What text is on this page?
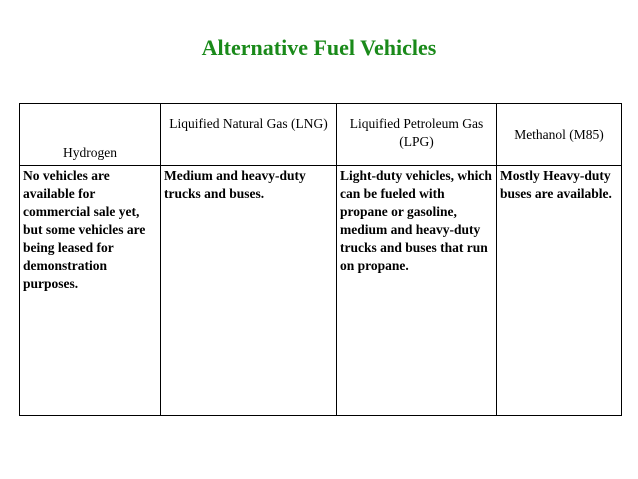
Alternative Fuel Vehicles
Hydrogen	Liquified Natural Gas (LNG)	Liquified Petroleum Gas (LPG)	Methanol (M85)
No vehicles are available for commercial sale yet, but some vehicles are being leased for demonstration purposes.	Medium and heavy-duty trucks and buses.	Light-duty vehicles, which can be fueled with propane or gasoline, medium and heavy-duty trucks and buses that run on propane.	Mostly Heavy-duty buses are available.
